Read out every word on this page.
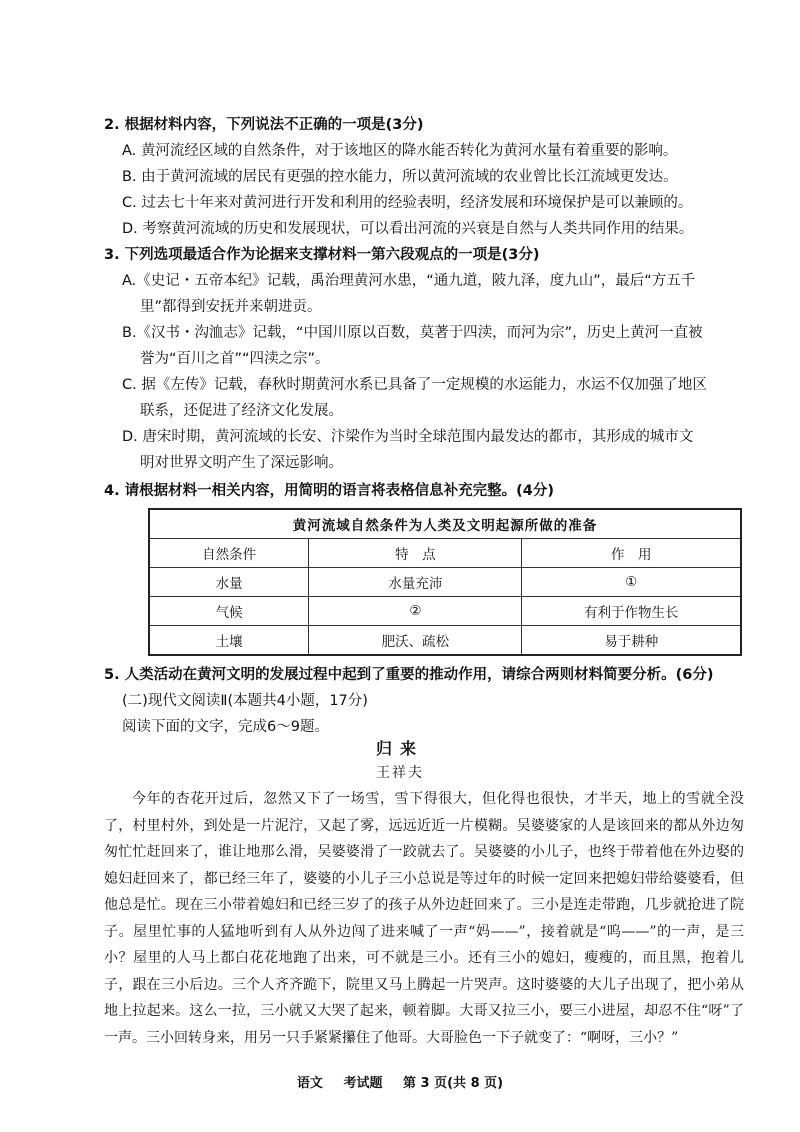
2. 根据材料内容，下列说法不正确的一项是(3分)
A. 黄河流经区域的自然条件，对于该地区的降水能否转化为黄河水量有着重要的影响。
B. 由于黄河流域的居民有更强的控水能力，所以黄河流域的农业曾比长江流域更发达。
C. 过去七十年来对黄河进行开发和利用的经验表明，经济发展和环境保护是可以兼顾的。
D. 考察黄河流域的历史和发展现状，可以看出河流的兴衰是自然与人类共同作用的结果。
3. 下列选项最适合作为论据来支撑材料一第六段观点的一项是(3分)
A.《史记・五帝本纪》记载，禹治理黄河水患，“通九道，陂九泽，度九山”，最后“方五千
里”都得到安抚并来朝进贡。
B.《汉书・沟洫志》记载，“中国川原以百数，莫著于四渎，而河为宗”，历史上黄河一直被
誉为“百川之首”“四渎之宗”。
C. 据《左传》记载，春秋时期黄河水系已具备了一定规模的水运能力，水运不仅加强了地区
联系，还促进了经济文化发展。
D. 唐宋时期，黄河流域的长安、汴梁作为当时全球范围内最发达的都市，其形成的城市文
明对世界文明产生了深远影响。
4. 请根据材料一相关内容，用简明的语言将表格信息补充完整。(4分)
黄河流域自然条件为人类及文明起源所做的准备		
自然条件	特　点	作　用
水量	水量充沛	①
气候	②	有利于作物生长
土壤	肥沃、疏松	易于耕种
5. 人类活动在黄河文明的发展过程中起到了重要的推动作用，请综合两则材料简要分析。(6分)
(二)现代文阅读Ⅱ(本题共4小题，17分)
阅读下面的文字，完成6～9题。
归来
王祥夫

今年的杏花开过后，忽然又下了一场雪，雪下得很大，但化得也很快，才半天，地上的雪就全没了，村里村外，到处是一片泥泞，又起了雾，远远近近一片模糊。吴婆婆家的人是该回来的都从外边匆匆忙忙赶回来了，谁让地那么滑，吴婆婆滑了一跤就去了。吴婆婆的小儿子，也终于带着他在外边娶的媳妇赶回来了，都已经三年了，婆婆的小儿子三小总说是等过年的时候一定回来把媳妇带给婆婆看，但他总是忙。现在三小带着媳妇和已经三岁了的孩子从外边赶回来了。三小是连走带跑，几步就抢进了院子。屋里忙事的人猛地听到有人从外边闯了进来喊了一声“妈——”，接着就是“呜——”的一声，是三小？屋里的人马上都白花花地跑了出来，可不就是三小。还有三小的媳妇，瘦瘦的，而且黑，抱着儿子，跟在三小后边。三个人齐齐跪下，院里又马上腾起一片哭声。这时婆婆的大儿子出现了，把小弟从地上拉起来。这么一拉，三小就又大哭了起来，顿着脚。大哥又拉三小，要三小进屋，却忍不住“呀”了一声。三小回转身来，用另一只手紧紧攥住了他哥。大哥脸色一下子就变了：“啊呀，三小？”

语文 考试题 第 3 页(共 8 页)
